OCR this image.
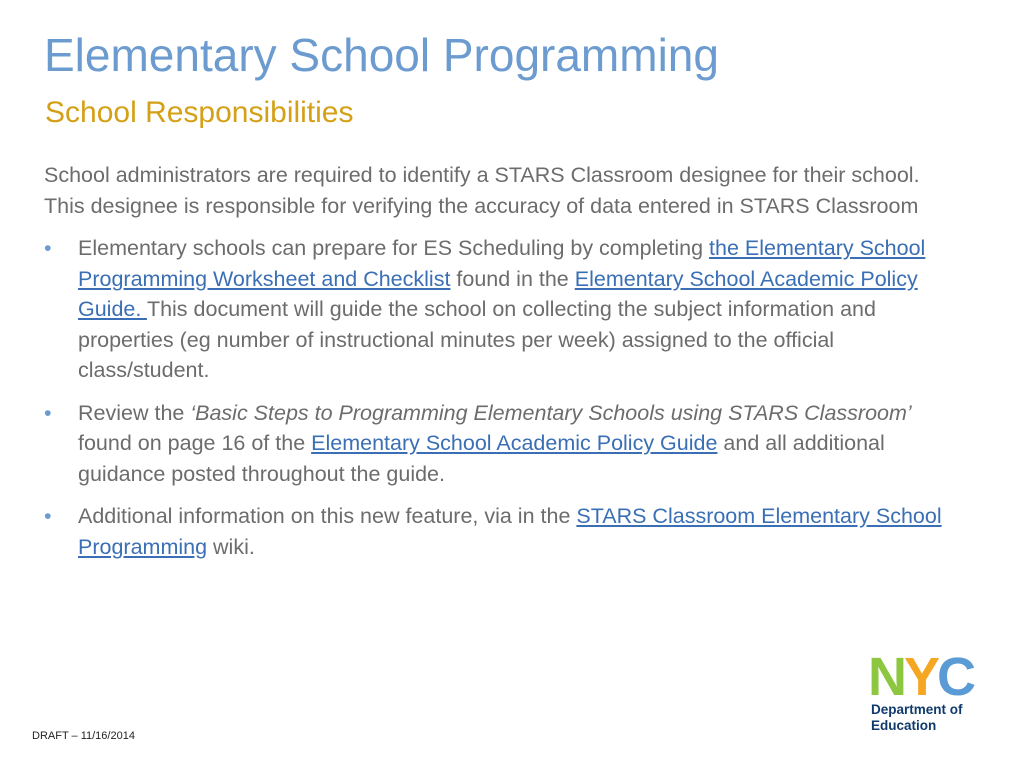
Elementary School Programming
School Responsibilities

School administrators are required to identify a STARS Classroom designee for their school. This designee is responsible for verifying the accuracy of data entered in STARS Classroom

• Elementary schools can prepare for ES Scheduling by completing the Elementary School Programming Worksheet and Checklist found in the Elementary School Academic Policy Guide. This document will guide the school on collecting the subject information and properties (eg number of instructional minutes per week) assigned to the official class/student.
• Review the ‘Basic Steps to Programming Elementary Schools using STARS Classroom’ found on page 16 of the Elementary School Academic Policy Guide and all additional guidance posted throughout the guide.
• Additional information on this new feature, via in the STARS Classroom Elementary School Programming wiki.
NYC
Department of
Education
DRAFT – 11/16/2014
